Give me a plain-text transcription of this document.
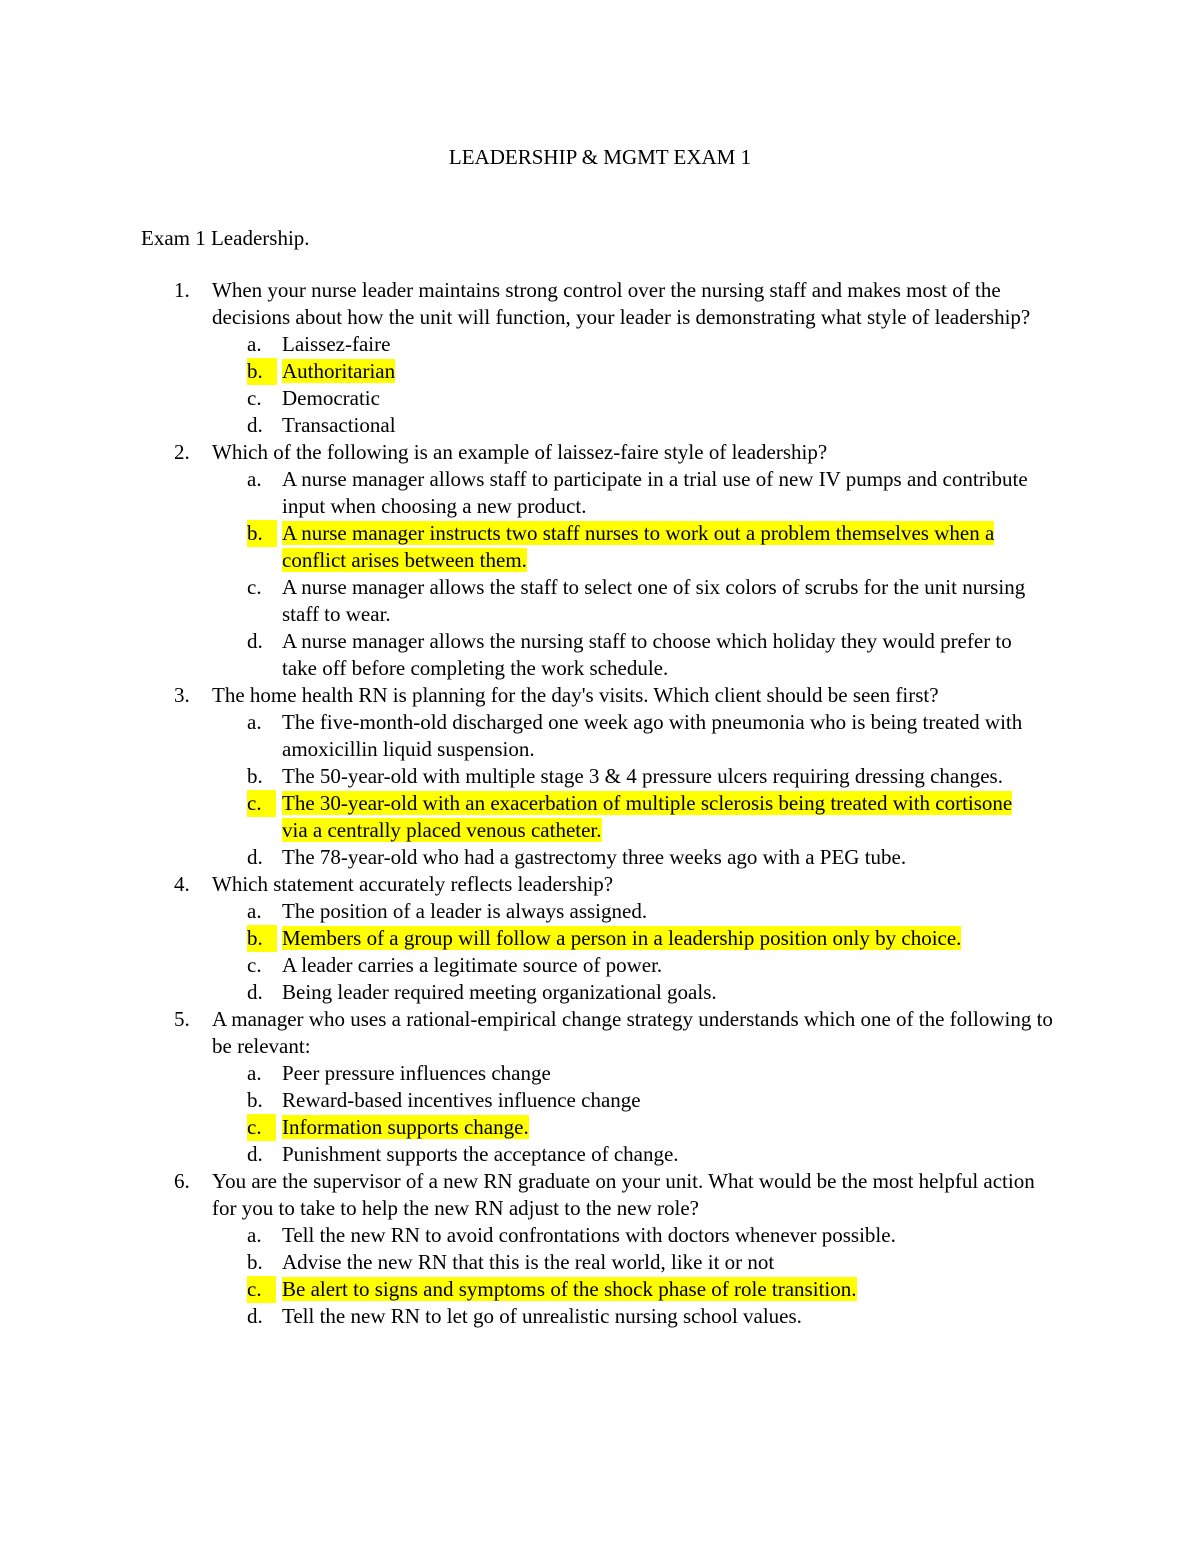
LEADERSHIP & MGMT EXAM 1
Exam 1 Leadership.
1. When your nurse leader maintains strong control over the nursing staff and makes most of the decisions about how the unit will function, your leader is demonstrating what style of leadership?
a. Laissez-faire
b. Authoritarian
c. Democratic
d. Transactional
2. Which of the following is an example of laissez-faire style of leadership?
a. A nurse manager allows staff to participate in a trial use of new IV pumps and contribute input when choosing a new product.
b. A nurse manager instructs two staff nurses to work out a problem themselves when a conflict arises between them.
c. A nurse manager allows the staff to select one of six colors of scrubs for the unit nursing staff to wear.
d. A nurse manager allows the nursing staff to choose which holiday they would prefer to take off before completing the work schedule.
3. The home health RN is planning for the day's visits. Which client should be seen first?
a. The five-month-old discharged one week ago with pneumonia who is being treated with amoxicillin liquid suspension.
b. The 50-year-old with multiple stage 3 & 4 pressure ulcers requiring dressing changes.
c. The 30-year-old with an exacerbation of multiple sclerosis being treated with cortisone via a centrally placed venous catheter.
d. The 78-year-old who had a gastrectomy three weeks ago with a PEG tube.
4. Which statement accurately reflects leadership?
a. The position of a leader is always assigned.
b. Members of a group will follow a person in a leadership position only by choice.
c. A leader carries a legitimate source of power.
d. Being leader required meeting organizational goals.
5. A manager who uses a rational-empirical change strategy understands which one of the following to be relevant:
a. Peer pressure influences change
b. Reward-based incentives influence change
c. Information supports change.
d. Punishment supports the acceptance of change.
6. You are the supervisor of a new RN graduate on your unit. What would be the most helpful action for you to take to help the new RN adjust to the new role?
a. Tell the new RN to avoid confrontations with doctors whenever possible.
b. Advise the new RN that this is the real world, like it or not
c. Be alert to signs and symptoms of the shock phase of role transition.
d. Tell the new RN to let go of unrealistic nursing school values.
